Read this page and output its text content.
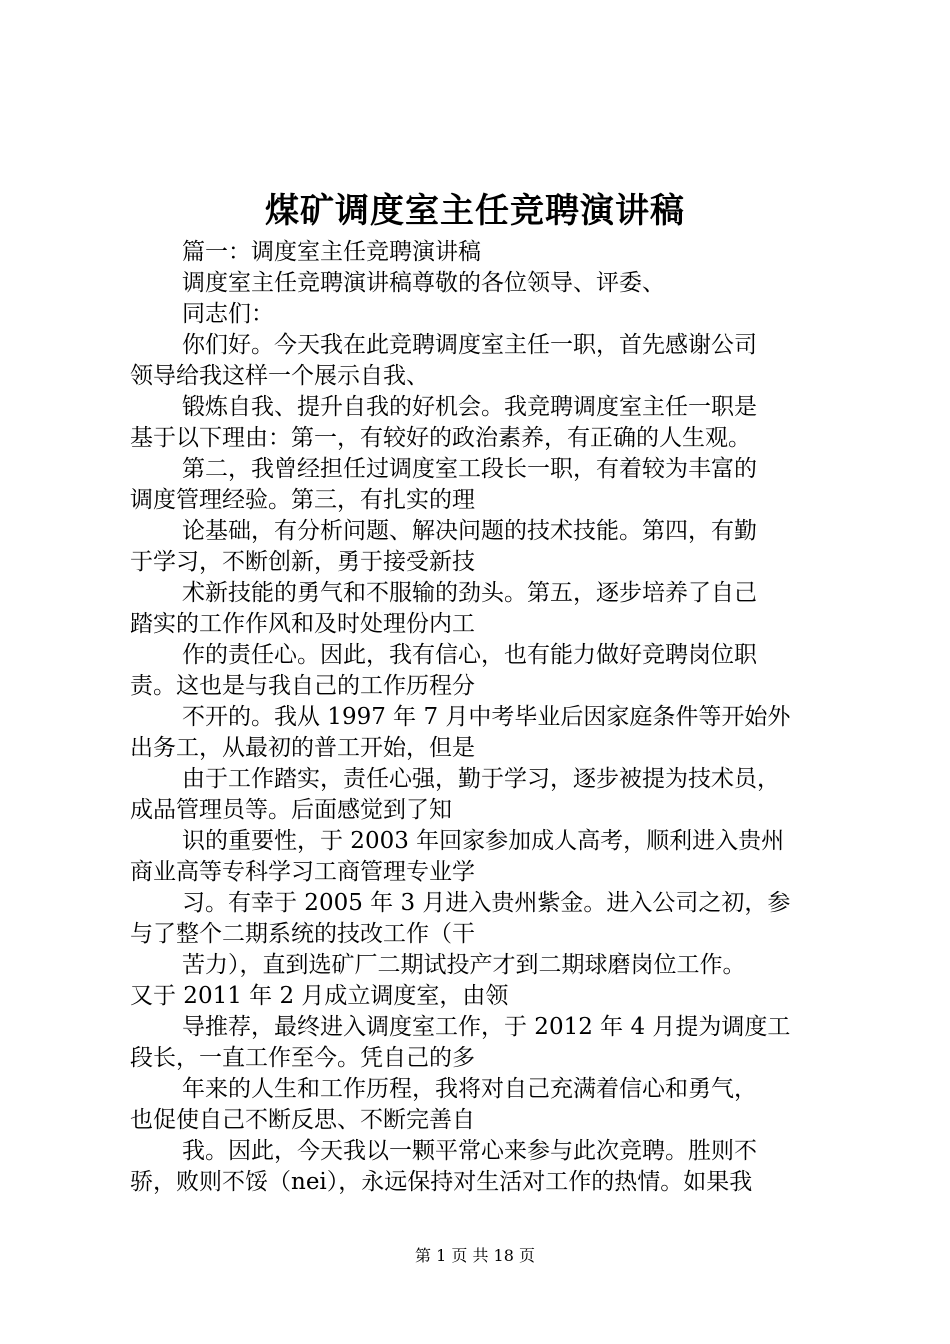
煤矿调度室主任竞聘演讲稿
篇一：调度室主任竞聘演讲稿
调度室主任竞聘演讲稿尊敬的各位领导、评委、
同志们：
你们好。今天我在此竞聘调度室主任一职，首先感谢公司
领导给我这样一个展示自我、
锻炼自我、提升自我的好机会。我竞聘调度室主任一职是
基于以下理由：第一，有较好的政治素养，有正确的人生观。
第二，我曾经担任过调度室工段长一职，有着较为丰富的
调度管理经验。第三，有扎实的理
论基础，有分析问题、解决问题的技术技能。第四，有勤
于学习，不断创新，勇于接受新技
术新技能的勇气和不服输的劲头。第五，逐步培养了自己
踏实的工作作风和及时处理份内工
作的责任心。因此，我有信心，也有能力做好竞聘岗位职
责。这也是与我自己的工作历程分
不开的。我从 1997 年 7 月中考毕业后因家庭条件等开始外
出务工，从最初的普工开始，但是
由于工作踏实，责任心强，勤于学习，逐步被提为技术员，
成品管理员等。后面感觉到了知
识的重要性，于 2003 年回家参加成人高考，顺利进入贵州
商业高等专科学习工商管理专业学
习。有幸于 2005 年 3 月进入贵州紫金。进入公司之初，参
与了整个二期系统的技改工作（干
苦力），直到选矿厂二期试投产才到二期球磨岗位工作。
又于 2011 年 2 月成立调度室，由领
导推荐，最终进入调度室工作，于 2012 年 4 月提为调度工
段长，一直工作至今。凭自己的多
年来的人生和工作历程，我将对自己充满着信心和勇气，
也促使自己不断反思、不断完善自
我。因此，今天我以一颗平常心来参与此次竞聘。胜则不
骄，败则不馁（nei），永远保持对生活对工作的热情。如果我
第 1 页 共 18 页
